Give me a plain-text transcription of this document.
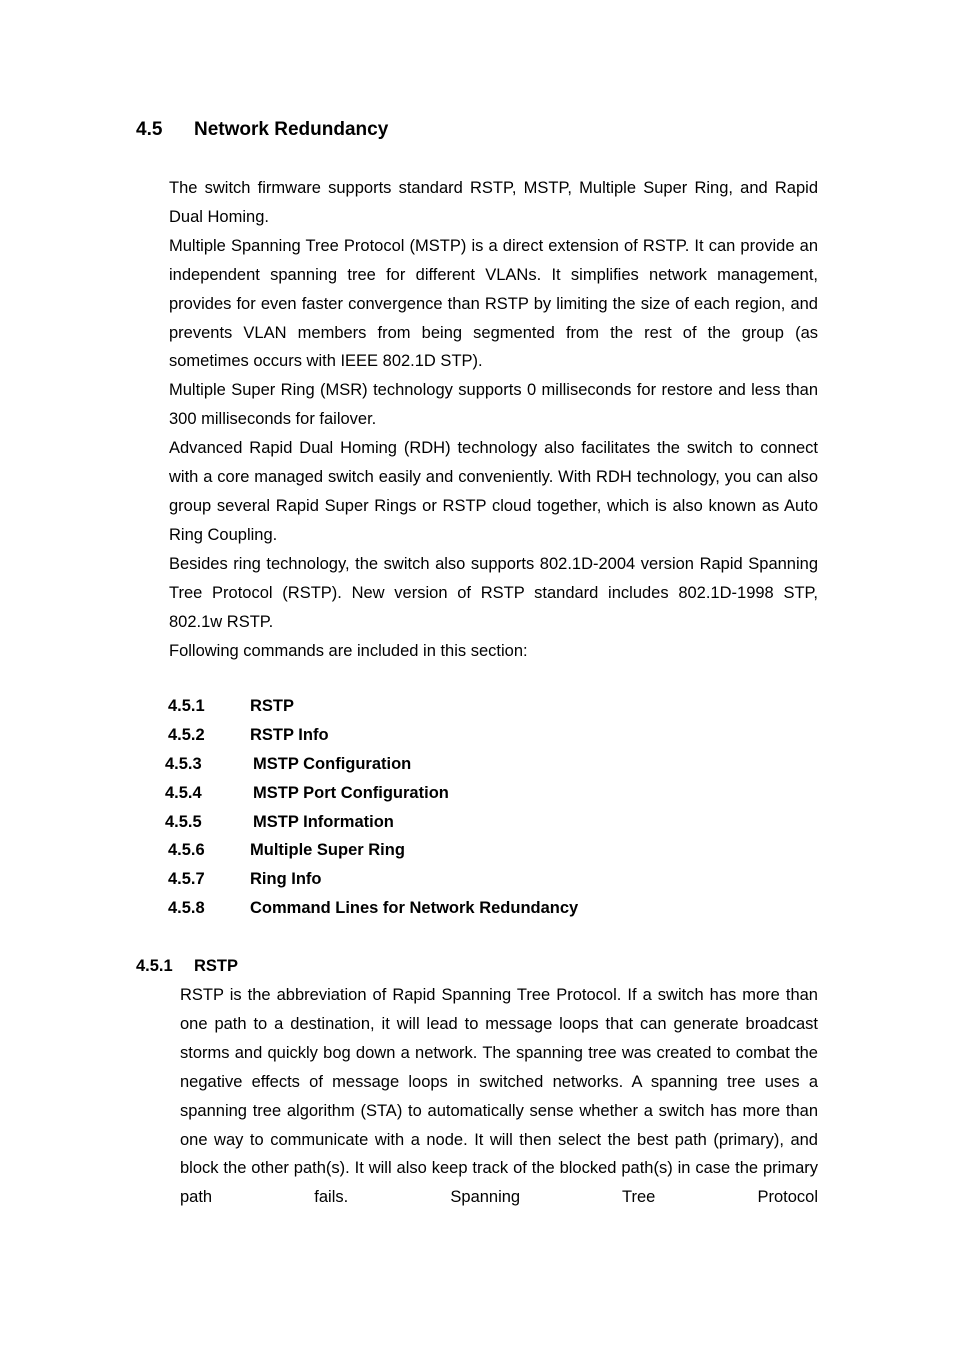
4.5	Network Redundancy

The switch firmware supports standard RSTP, MSTP, Multiple Super Ring, and Rapid Dual Homing.

Multiple Spanning Tree Protocol (MSTP) is a direct extension of RSTP. It can provide an independent spanning tree for different VLANs. It simplifies network management, provides for even faster convergence than RSTP by limiting the size of each region, and prevents VLAN members from being segmented from the rest of the group (as sometimes occurs with IEEE 802.1D STP).

Multiple Super Ring (MSR) technology supports 0 milliseconds for restore and less than 300 milliseconds for failover.

Advanced Rapid Dual Homing (RDH) technology also facilitates the switch to connect with a core managed switch easily and conveniently. With RDH technology, you can also group several Rapid Super Rings or RSTP cloud together, which is also known as Auto Ring Coupling.

Besides ring technology, the switch also supports 802.1D-2004 version Rapid Spanning Tree Protocol (RSTP). New version of RSTP standard includes 802.1D-1998 STP, 802.1w RSTP.

Following commands are included in this section:

4.5.1	RSTP
4.5.2	RSTP Info
4.5.3	MSTP Configuration
4.5.4	MSTP Port Configuration
4.5.5	MSTP Information
4.5.6	Multiple Super Ring
4.5.7	Ring Info
4.5.8	Command Lines for Network Redundancy
4.5.1	RSTP

RSTP is the abbreviation of Rapid Spanning Tree Protocol. If a switch has more than one path to a destination, it will lead to message loops that can generate broadcast storms and quickly bog down a network. The spanning tree was created to combat the negative effects of message loops in switched networks. A spanning tree uses a spanning tree algorithm (STA) to automatically sense whether a switch has more than one way to communicate with a node. It will then select the best path (primary), and block the other path(s). It will also keep track of the blocked path(s) in case the primary path fails. Spanning Tree Protocol
